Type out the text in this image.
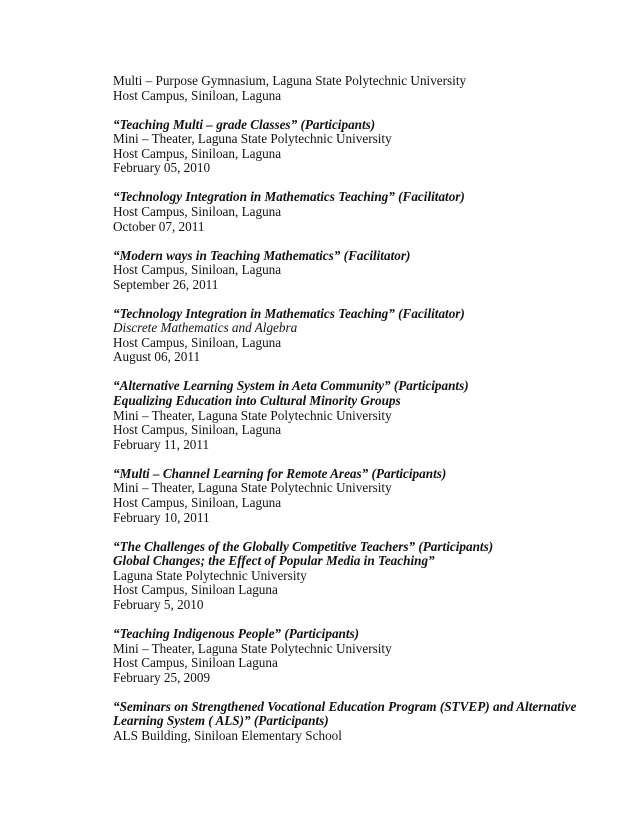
Multi – Purpose Gymnasium, Laguna State Polytechnic University
Host Campus, Siniloan, Laguna
“Teaching Multi – grade Classes” (Participants)
Mini – Theater, Laguna State Polytechnic University
Host Campus, Siniloan, Laguna
February 05, 2010
“Technology Integration in Mathematics Teaching” (Facilitator)
Host Campus, Siniloan, Laguna
October 07, 2011
“Modern ways in Teaching Mathematics” (Facilitator)
Host Campus, Siniloan, Laguna
September 26, 2011
“Technology Integration in Mathematics Teaching” (Facilitator)
Discrete Mathematics and Algebra
Host Campus, Siniloan, Laguna
August 06, 2011
“Alternative Learning System in Aeta Community” (Participants)
Equalizing Education into Cultural Minority Groups
Mini – Theater, Laguna State Polytechnic University
Host Campus, Siniloan, Laguna
February 11, 2011
“Multi – Channel Learning for Remote Areas” (Participants)
Mini – Theater, Laguna State Polytechnic University
Host Campus, Siniloan, Laguna
February 10, 2011
“The Challenges of the Globally Competitive Teachers” (Participants)
Global Changes; the Effect of Popular Media in Teaching”
Laguna State Polytechnic University
Host Campus, Siniloan Laguna
February 5, 2010
“Teaching Indigenous People” (Participants)
Mini – Theater, Laguna State Polytechnic University
Host Campus, Siniloan Laguna
February 25, 2009
“Seminars on Strengthened Vocational Education Program (STVEP) and Alternative
Learning System ( ALS)” (Participants)
ALS Building, Siniloan Elementary School
